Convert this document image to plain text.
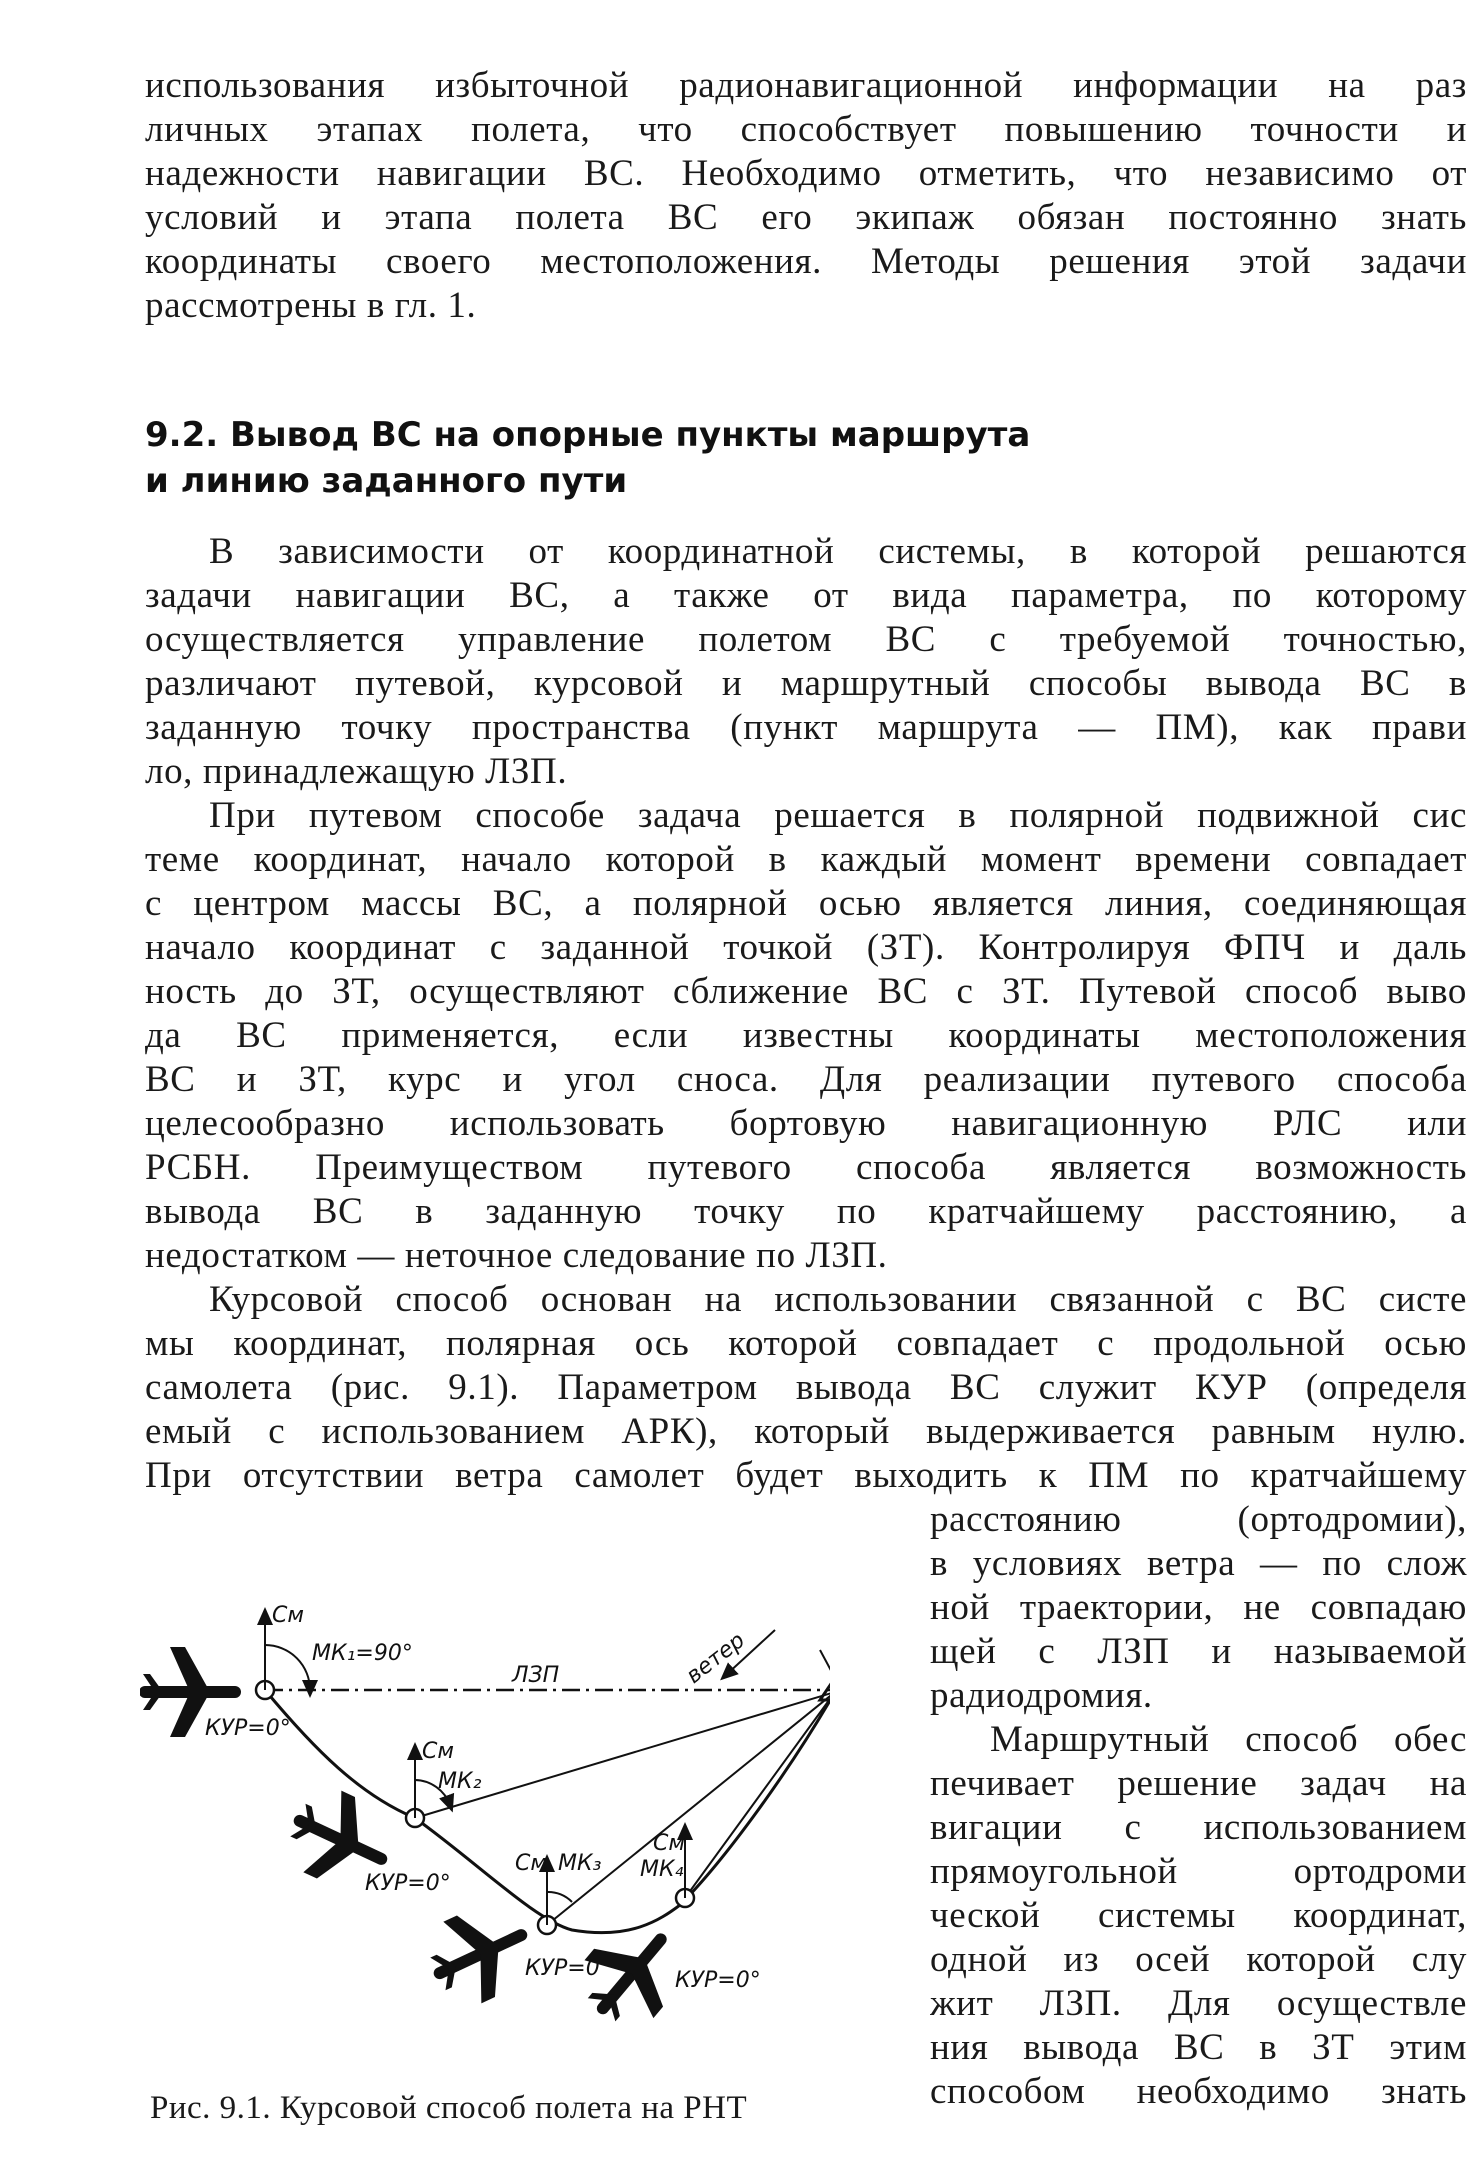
использования избыточной радионавигационной информации на раз
личных этапах полета, что способствует повышению точности и
надежности навигации ВС. Необходимо отметить, что независимо от
условий и этапа полета ВС его экипаж обязан постоянно знать
координаты своего местоположения. Методы решения этой задачи
рассмотрены в гл. 1.
9.2. Вывод ВС на опорные пункты маршрута
и линию заданного пути
В зависимости от координатной системы, в которой решаются
задачи навигации ВС, а также от вида параметра, по которому
осуществляется управление полетом ВС с требуемой точностью,
различают путевой, курсовой и маршрутный способы вывода ВС в
заданную точку пространства (пункт маршрута — ПМ), как прави
ло, принадлежащую ЛЗП.
При путевом способе задача решается в полярной подвижной сис
теме координат, начало которой в каждый момент времени совпадает
с центром массы ВС, а полярной осью является линия, соединяющая
начало координат с заданной точкой (ЗТ). Контролируя ФПЧ и даль
ность до ЗТ, осуществляют сближение ВС с ЗТ. Путевой способ выво
да ВС применяется, если известны координаты местоположения
ВС и ЗТ, курс и угол сноса. Для реализации путевого способа
целесообразно использовать бортовую навигационную РЛС или
РСБН. Преимуществом путевого способа является возможность
вывода ВС в заданную точку по кратчайшему расстоянию, а
недостатком — неточное следование по ЛЗП.
Курсовой способ основан на использовании связанной с ВС систе
мы координат, полярная ось которой совпадает с продольной осью
самолета (рис. 9.1). Параметром вывода ВС служит КУР (определя
емый с использованием АРК), который выдерживается равным нулю.
При отсутствии ветра самолет будет выходить к ПМ по кратчайшему
расстоянию (ортодромии),
в условиях ветра — по слож
ной траектории, не совпадаю
щей с ЛЗП и называемой
радиодромия.
Маршрутный способ обес
печивает решение задач на
вигации с использованием
прямоугольной ортодроми
ческой системы координат,
одной из осей которой слу
жит ЛЗП. Для осуществле
ния вывода ВС в ЗТ этим
способом необходимо знать
ветер
Cм
МК₁=90°
ЛЗП
Cм
МК₂
Cм МК₃
Cм
МК₄
КУР=0°
КУР=0°
КУР=0°	КУР=0°
Рис. 9.1. Курсовой способ полета на РНТ
